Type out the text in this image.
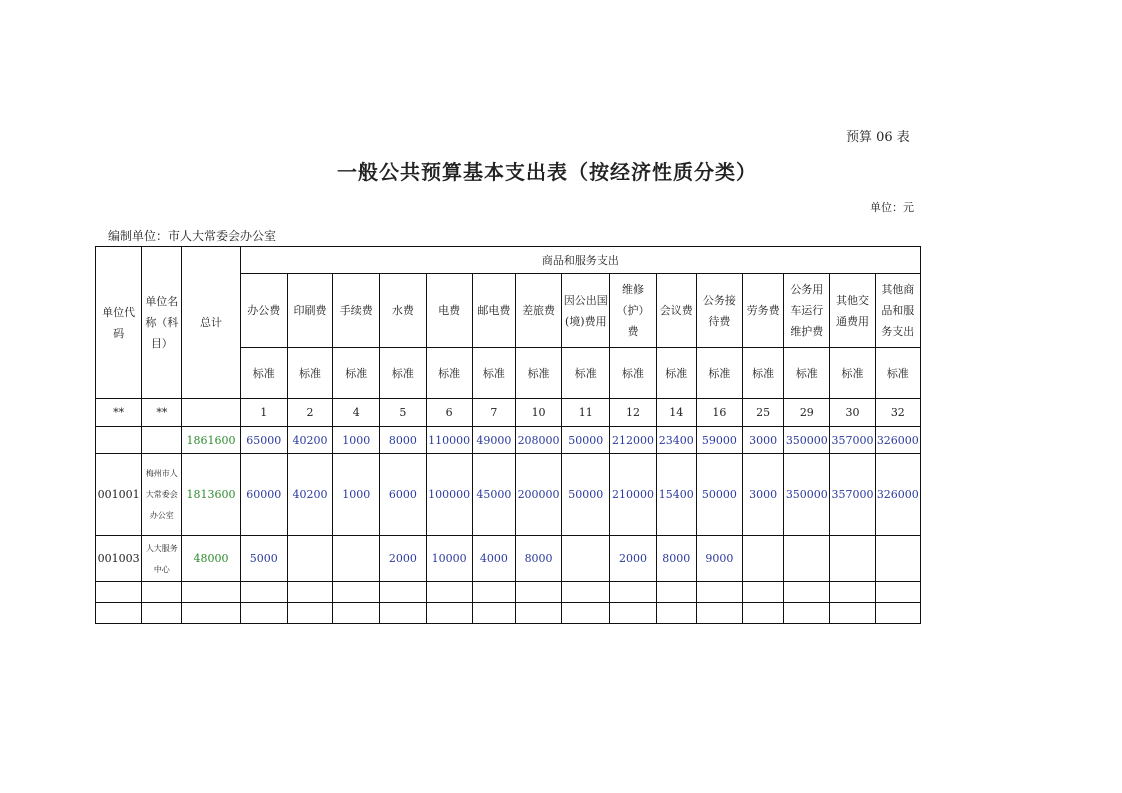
预算 06 表
一般公共预算基本支出表（按经济性质分类）
单位：元
编制单位：市人大常委会办公室
单位代码	单位名称（科目）	总计	商品和服务支出														
			办公费	印刷费	手续费	水费	电费	邮电费	差旅费	因公出国(境)费用	维修（护）费	会议费	公务接待费	劳务费	公务用车运行维护费	其他交通费用	其他商品和服务支出
			标准	标准	标准	标准	标准	标准	标准	标准	标准	标准	标准	标准	标准	标准	标准
**	**		1	2	4	5	6	7	10	11	12	14	16	25	29	30	32
		1861600	65000	40200	1000	8000	110000	49000	208000	50000	212000	23400	59000	3000	350000	357000	326000
001001	梅州市人大常委会办公室	1813600	60000	40200	1000	6000	100000	45000	200000	50000	210000	15400	50000	3000	350000	357000	326000
001003	人大服务中心	48000	5000			2000	10000	4000	8000		2000	8000	9000				
